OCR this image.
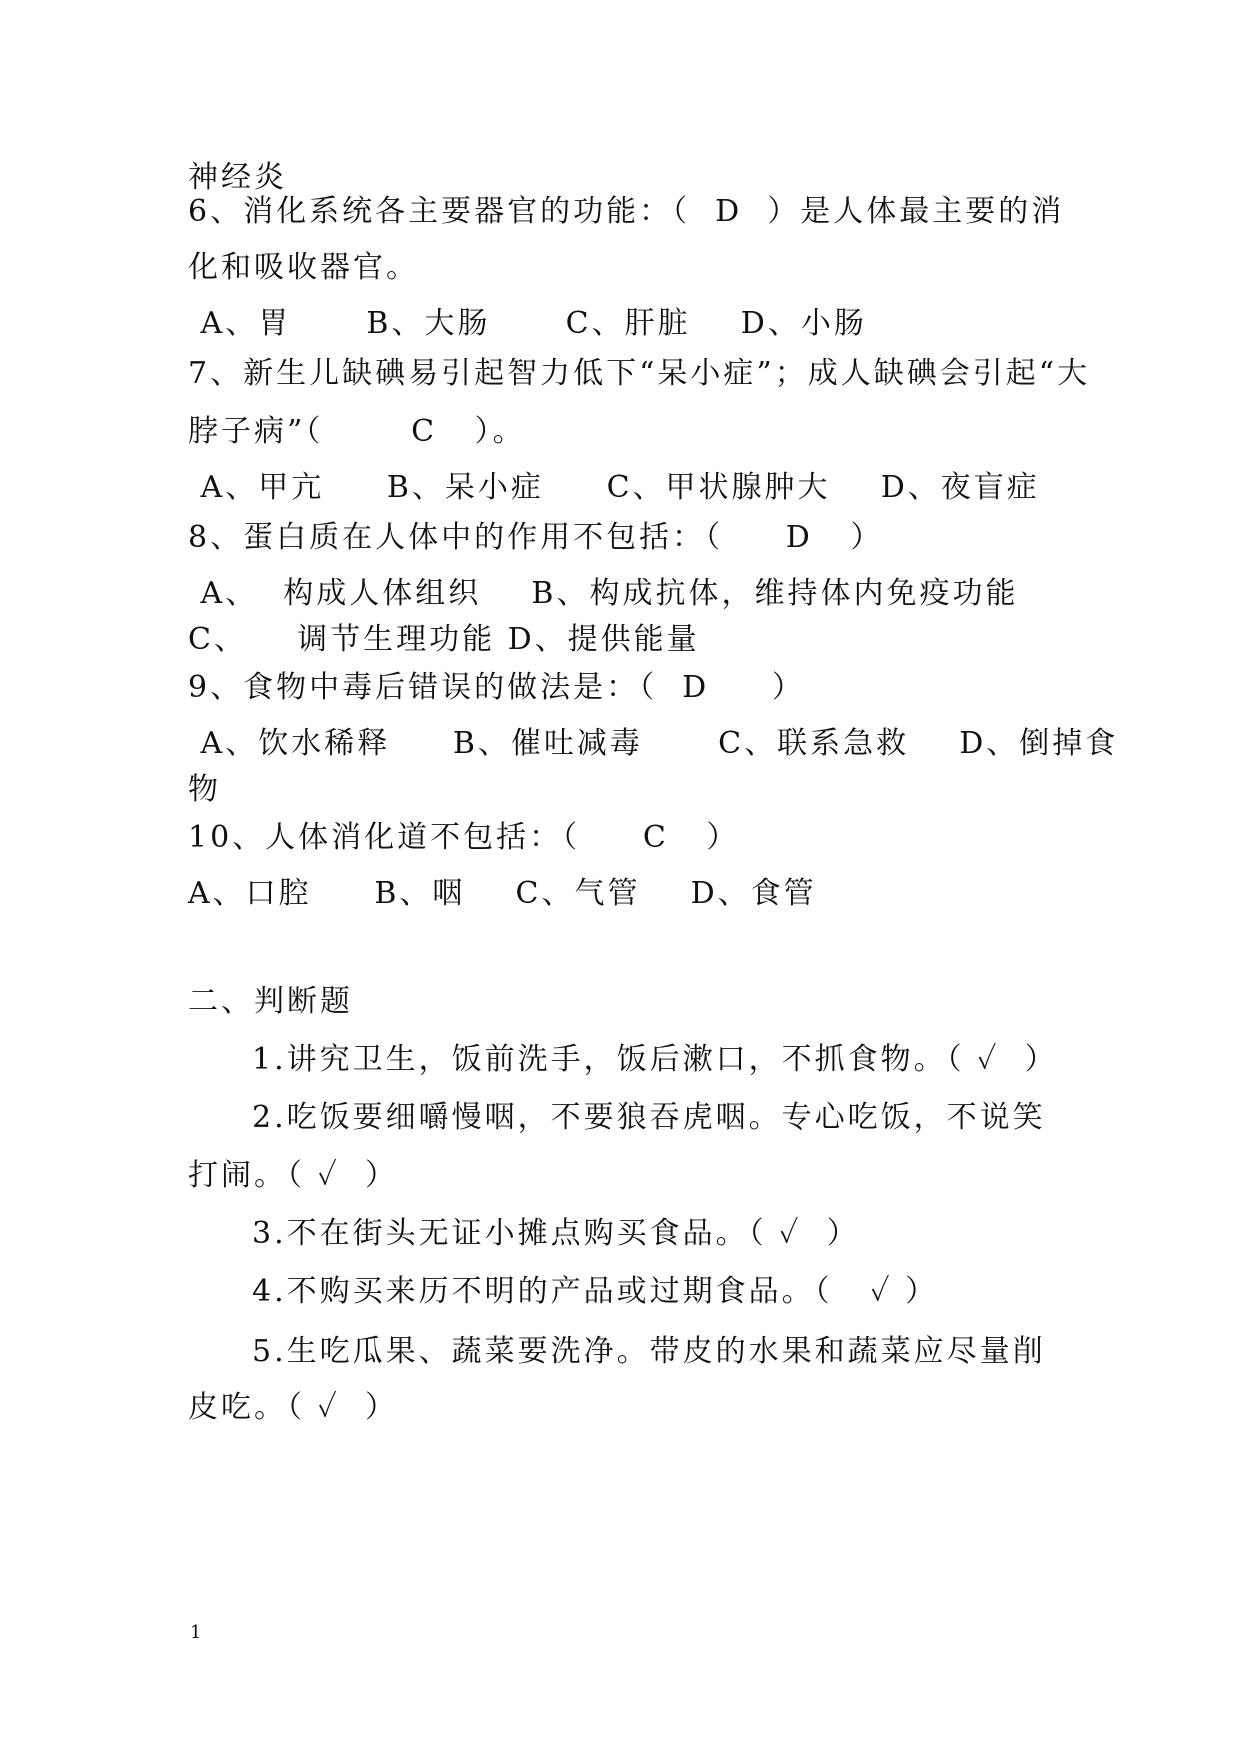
神经炎
6、消化系统各主要器官的功能：（  D  ）是人体最主要的消
化和吸收器官。
A、胃      B、大肠      C、肝脏    D、小肠
7、新生儿缺碘易引起智力低下“呆小症”；成人缺碘会引起“大
脖子病”（       C   ）。
A、甲亢     B、呆小症     C、甲状腺肿大    D、夜盲症
8、蛋白质在人体中的作用不包括：（     D   ）
A、  构成人体组织    B、构成抗体，维持体内免疫功能
C、    调节生理功能 D、提供能量
9、食物中毒后错误的做法是：（  D     ）
A、饮水稀释     B、催吐减毒      C、联系急救    D、倒掉食
物
10、人体消化道不包括：（     C   ）
A、口腔     B、咽    C、气管    D、食管
二、判断题
1.讲究卫生，饭前洗手，饭后漱口，不抓食物。（ ✓  ）
2.吃饭要细嚼慢咽，不要狼吞虎咽。专心吃饭，不说笑
打闹。（ ✓  ）
3.不在街头无证小摊点购买食品。（ ✓  ）
4.不购买来历不明的产品或过期食品。（   ✓ ）
5.生吃瓜果、蔬菜要洗净。带皮的水果和蔬菜应尽量削
皮吃。（ ✓  ）
1
